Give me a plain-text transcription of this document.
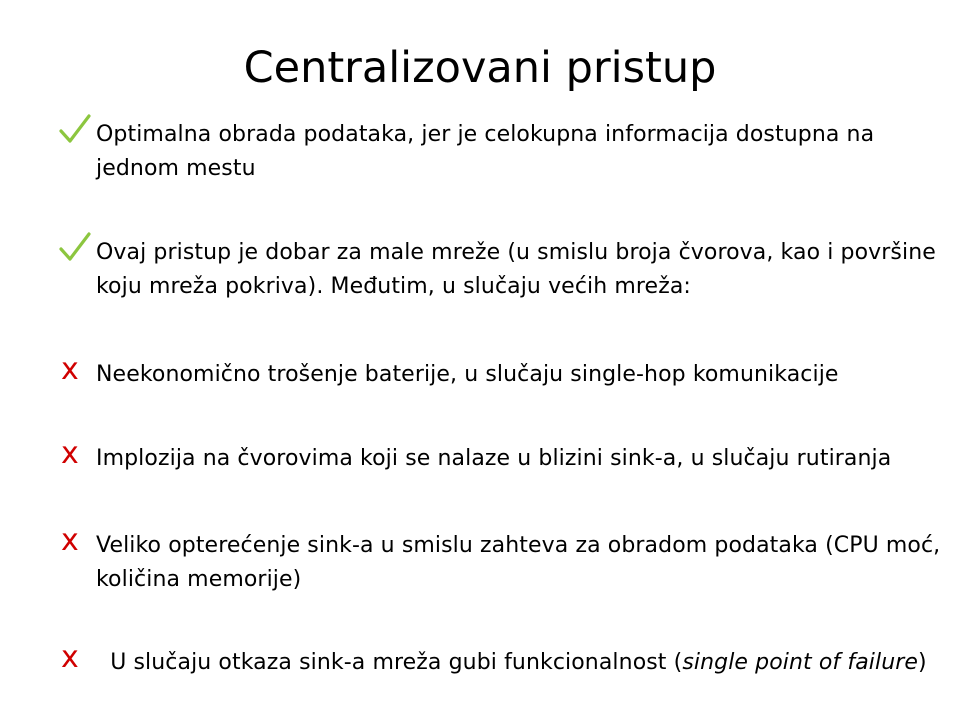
Centralizovani pristup
Optimalna obrada podataka, jer je celokupna informacija dostupna na jednom mestu
Ovaj pristup je dobar za male mreže (u smislu broja čvorova, kao i površine koju mreža pokriva). Međutim, u slučaju većih mreža:
x Neekonomično trošenje baterije, u slučaju single-hop komunikacije
x Implozija na čvorovima koji se nalaze u blizini sink-a, u slučaju rutiranja
x Veliko opterećenje sink-a u smislu zahteva za obradom podataka (CPU moć, količina memorije)
x U slučaju otkaza sink-a mreža gubi funkcionalnost (single point of failure)
